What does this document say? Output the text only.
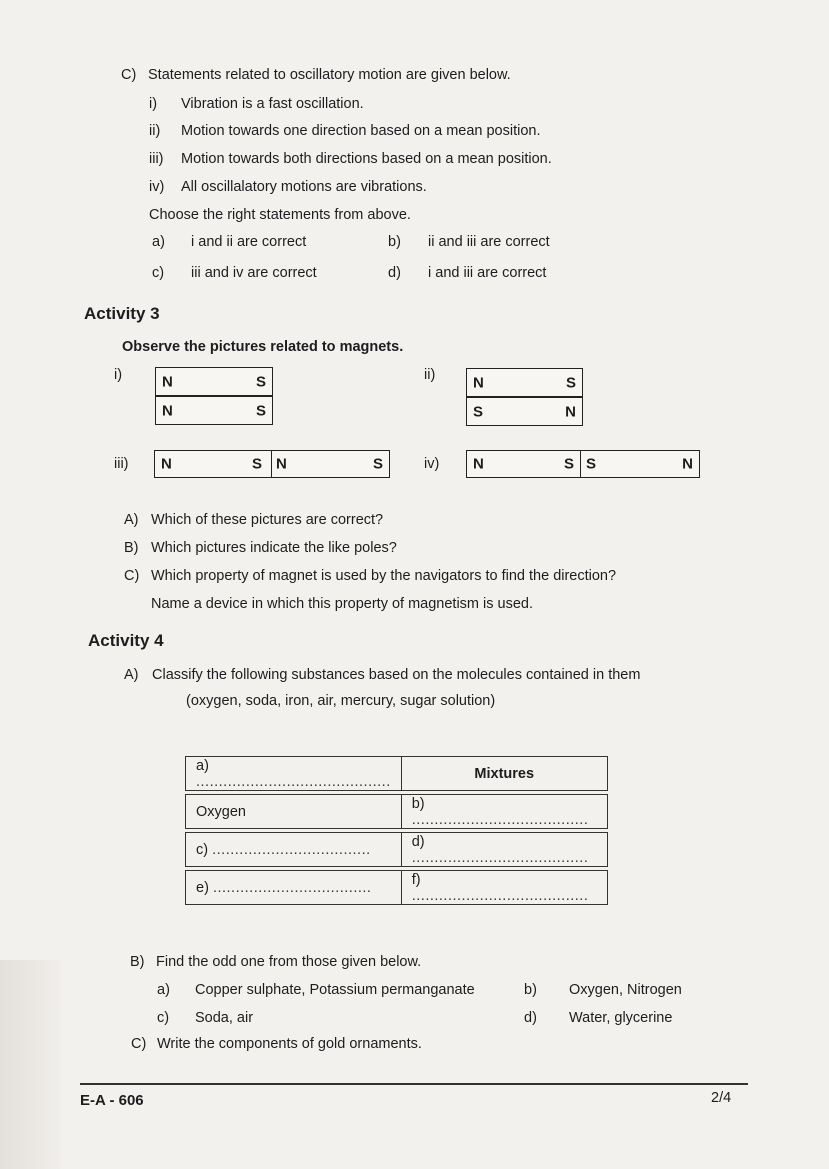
C) Statements related to oscillatory motion are given below.
i) Vibration is a fast oscillation.
ii) Motion towards one direction based on a mean position.
iii) Motion towards both directions based on a mean position.
iv) All oscillalatory motions are vibrations.
Choose the right statements from above.
a) i and ii are correct	b) ii and iii are correct
c) iii and iv are correct	d) i and iii are correct
Activity 3
Observe the pictures related to magnets.
i)	N	S
N	S
ii)	N	S
S	N
iii) N	S N	S	iv) N	S S	N
A) Which of these pictures are correct?
B) Which pictures indicate the like poles?
C) Which property of magnet is used by the navigators to find the direction?
Name a device in which this property of magnetism is used.
Activity 4
A) Classify the following substances based on the molecules contained in them
(oxygen, soda, iron, air, mercury, sugar solution)
a) ...........................................	Mixtures

Oxygen	b) .......................................

c) ...................................	d) .......................................

e) ...................................	f) .......................................
B) Find the odd one from those given below.
a) Copper sulphate, Potassium permanganate	b) Oxygen, Nitrogen
c) Soda, air	d) Water, glycerine
C) Write the components of gold ornaments.
E-A - 606	2/4
